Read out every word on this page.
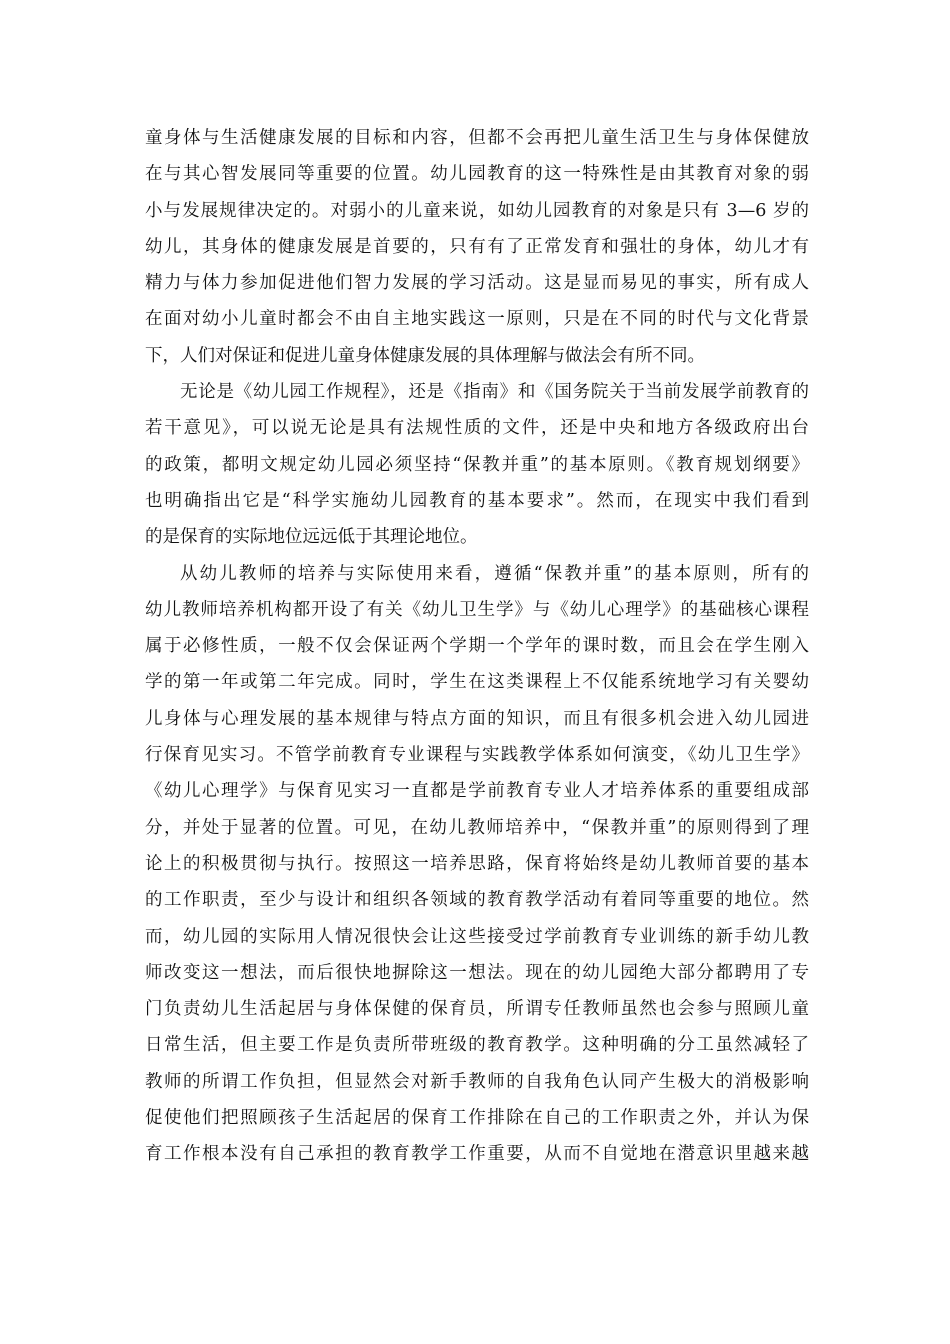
童身体与生活健康发展的目标和内容，但都不会再把儿童生活卫生与身体保健放
在与其心智发展同等重要的位置。幼儿园教育的这一特殊性是由其教育对象的弱
小与发展规律决定的。对弱小的儿童来说，如幼儿园教育的对象是只有 3—6 岁的
幼儿，其身体的健康发展是首要的，只有有了正常发育和强壮的身体，幼儿才有
精力与体力参加促进他们智力发展的学习活动。这是显而易见的事实，所有成人
在面对幼小儿童时都会不由自主地实践这一原则，只是在不同的时代与文化背景
下，人们对保证和促进儿童身体健康发展的具体理解与做法会有所不同。
无论是《幼儿园工作规程》，还是《指南》和《国务院关于当前发展学前教育的
若干意见》，可以说无论是具有法规性质的文件，还是中央和地方各级政府出台
的政策，都明文规定幼儿园必须坚持“保教并重”的基本原则。《教育规划纲要》
也明确指出它是“科学实施幼儿园教育的基本要求”。然而，在现实中我们看到
的是保育的实际地位远远低于其理论地位。
从幼儿教师的培养与实际使用来看，遵循“保教并重”的基本原则，所有的
幼儿教师培养机构都开设了有关《幼儿卫生学》与《幼儿心理学》的基础核心课程
属于必修性质，一般不仅会保证两个学期一个学年的课时数，而且会在学生刚入
学的第一年或第二年完成。同时，学生在这类课程上不仅能系统地学习有关婴幼
儿身体与心理发展的基本规律与特点方面的知识，而且有很多机会进入幼儿园进
行保育见实习。不管学前教育专业课程与实践教学体系如何演变，《幼儿卫生学》
《幼儿心理学》与保育见实习一直都是学前教育专业人才培养体系的重要组成部
分，并处于显著的位置。可见，在幼儿教师培养中，“保教并重”的原则得到了理
论上的积极贯彻与执行。按照这一培养思路，保育将始终是幼儿教师首要的基本
的工作职责，至少与设计和组织各领域的教育教学活动有着同等重要的地位。然
而，幼儿园的实际用人情况很快会让这些接受过学前教育专业训练的新手幼儿教
师改变这一想法，而后很快地摒除这一想法。现在的幼儿园绝大部分都聘用了专
门负责幼儿生活起居与身体保健的保育员，所谓专任教师虽然也会参与照顾儿童
日常生活，但主要工作是负责所带班级的教育教学。这种明确的分工虽然减轻了
教师的所谓工作负担，但显然会对新手教师的自我角色认同产生极大的消极影响
促使他们把照顾孩子生活起居的保育工作排除在自己的工作职责之外，并认为保
育工作根本没有自己承担的教育教学工作重要，从而不自觉地在潜意识里越来越
